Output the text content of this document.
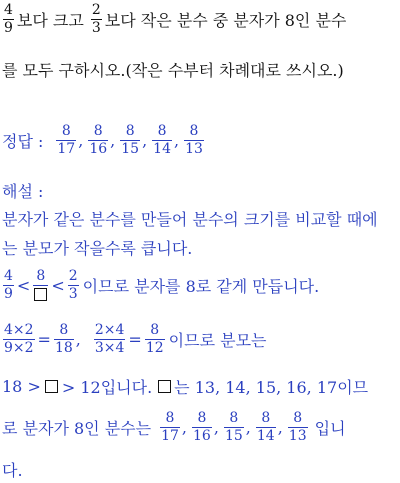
$\frac{4}{9}$ 보다 크고 $\frac{2}{3}$ 보다 작은 분수 중 분자가 8인 분수
를 모두 구하시오.(작은 수부터 차례대로 쓰시오.)
정답 : $\frac{8}{17}$ , $\frac{8}{16}$ , $\frac{8}{15}$ , $\frac{8}{14}$ , $\frac{8}{13}$
해설 :
분자가 같은 분수를 만들어 분수의 크기를 비교할 때에
는 분모가 작을수록 큽니다.
$\frac{4}{9} < 8 < \frac{2}{3}$ 이므로 분자를 8로 같게 만듭니다.
$\frac{4\times 2}{9\times 2} = \frac{8}{18}$ , $\frac{2\times 4}{3\times 4} = \frac{8}{12}$ 이므로 분모는
18 > > 12입니다. 는 13, 14, 15, 16, 17이므
로 분자가 8인 분수는 $\frac{8}{17}$ , $\frac{8}{16}$ , $\frac{8}{15}$ , $\frac{8}{14}$ , $\frac{8}{13}$ 입니
다.
